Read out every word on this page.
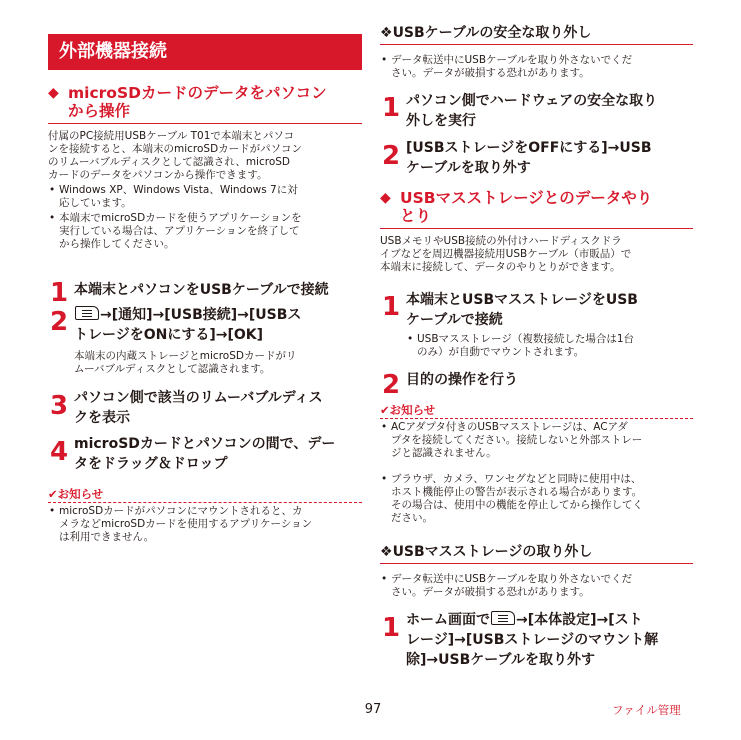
外部機器接続
◆ microSDカードのデータをパソコン
から操作
付属のPC接続用USBケーブル T01で本端末とパソコ
ンを接続すると、本端末のmicroSDカードがパソコン
のリムーバブルディスクとして認識され、microSD
カードのデータをパソコンから操作できます。
• Windows XP、Windows Vista、Windows 7に対
応しています。
• 本端末でmicroSDカードを使うアプリケーションを
実行している場合は、アプリケーションを終了して
から操作してください。
1 本端末とパソコンをUSBケーブルで接続
2	→[通知]→[USB接続]→[USBス
トレージをONにする]→[OK]
本端末の内蔵ストレージとmicroSDカードがリ
ムーバブルディスクとして認識されます。
3 パソコン側で該当のリムーバブルディス
クを表示
4 microSDカードとパソコンの間で、デー
タをドラッグ＆ドロップ
✔お知らせ
• microSDカードがパソコンにマウントされると、カ
メラなどmicroSDカードを使用するアプリケーション
は利用できません。
❖USBケーブルの安全な取り外し
• データ転送中にUSBケーブルを取り外さないでくだ
さい。データが破損する恐れがあります。
1 パソコン側でハードウェアの安全な取り
外しを実行
2 [USBストレージをOFFにする]→USB
ケーブルを取り外す
◆ USBマスストレージとのデータやり
とり
USBメモリやUSB接続の外付けハードディスクドラ
イブなどを周辺機器接続用USBケーブル（市販品）で
本端末に接続して、データのやりとりができます。
1 本端末とUSBマスストレージをUSB
ケーブルで接続
• USBマスストレージ（複数接続した場合は1台
のみ）が自動でマウントされます。
2 目的の操作を行う
✔お知らせ
• ACアダプタ付きのUSBマスストレージは、ACアダ
プタを接続してください。接続しないと外部ストレー
ジと認識されません。
• ブラウザ、カメラ、ワンセグなどと同時に使用中は、
ホスト機能停止の警告が表示される場合があります。
その場合は、使用中の機能を停止してから操作してく
ださい。
❖USBマスストレージの取り外し
• データ転送中にUSBケーブルを取り外さないでくだ
さい。データが破損する恐れがあります。
1 ホーム画面で →[本体設定]→[スト
レージ]→[USBストレージのマウント解
除]→USBケーブルを取り外す
97	ファイル管理
